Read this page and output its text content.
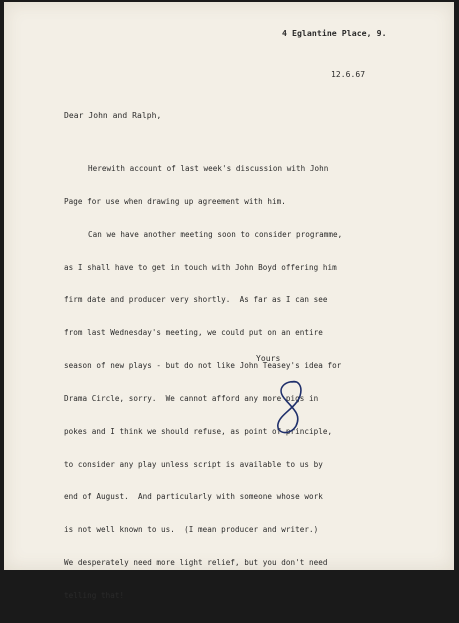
4 Eglantine Place, 9.

12.6.67

Dear John and Ralph,

Herewith account of last week's discussion with John

Page for use when drawing up agreement with him.

Can we have another meeting soon to consider programme,

as I shall have to get in touch with John Boyd offering him

firm date and producer very shortly.  As far as I can see

from last Wednesday's meeting, we could put on an entire

season of new plays - but do not like John Teasey's idea for

Drama Circle, sorry.  We cannot afford any more pigs in

pokes and I think we should refuse, as point of principle,

to consider any play unless script is available to us by

end of August.  And particularly with someone whose work

is not well known to us.  (I mean producer and writer.)

We desperately need more light relief, but you don't need

telling that!

Yours
